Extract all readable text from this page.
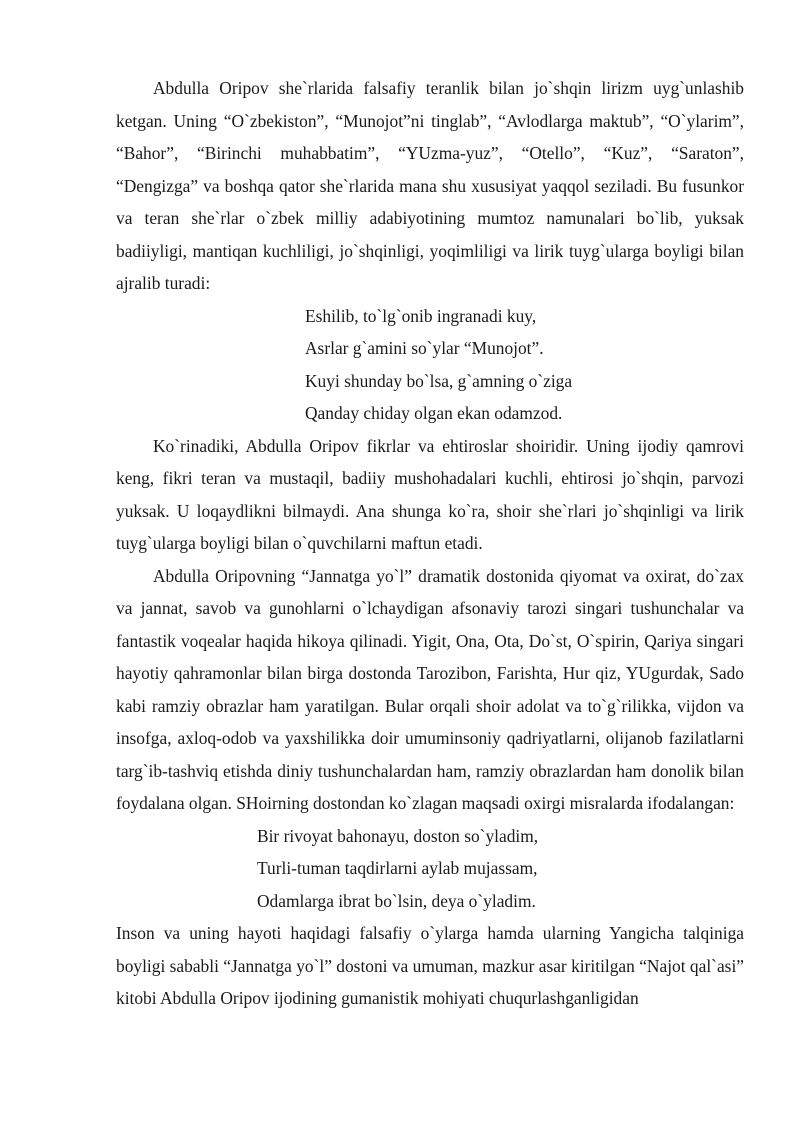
Abdulla Oripov she`rlarida falsafiy teranlik bilan jo`shqin lirizm uyg`unlashib ketgan. Uning “O`zbekiston”, “Munojot”ni tinglab”, “Avlodlarga maktub”, “O`ylarim”, “Bahor”, “Birinchi muhabbatim”, “YUzma-yuz”, “Otello”, “Kuz”, “Saraton”, “Dengizga” va boshqa qator she`rlarida mana shu xususiyat yaqqol seziladi. Bu fusunkor va teran she`rlar o`zbek milliy adabiyotining mumtoz namunalari bo`lib, yuksak badiiyligi, mantiqan kuchliligi, jo`shqinligi, yoqimliligi va lirik tuyg`ularga boyligi bilan ajralib turadi:

Eshilib, to`lg`onib ingranadi kuy,
Asrlar g`amini so`ylar “Munojot”.
Kuyi shunday bo`lsa, g`amning o`ziga
Qanday chiday olgan ekan odamzod.

Ko`rinadiki, Abdulla Oripov fikrlar va ehtiroslar shoiridir. Uning ijodiy qamrovi keng, fikri teran va mustaqil, badiiy mushohadalari kuchli, ehtirosi jo`shqin, parvozi yuksak. U loqaydlikni bilmaydi. Ana shunga ko`ra, shoir she`rlari jo`shqinligi va lirik tuyg`ularga boyligi bilan o`quvchilarni maftun etadi.

Abdulla Oripovning “Jannatga yo`l” dramatik dostonida qiyomat va oxirat, do`zax va jannat, savob va gunohlarni o`lchaydigan afsonaviy tarozi singari tushunchalar va fantastik voqealar haqida hikoya qilinadi. Yigit, Ona, Ota, Do`st, O`spirin, Qariya singari hayotiy qahramonlar bilan birga dostonda Tarozibon, Farishta, Hur qiz, YUgurdak, Sado kabi ramziy obrazlar ham yaratilgan. Bular orqali shoir adolat va to`g`rilikka, vijdon va insofga, axloq-odob va yaxshilikka doir umuminsoniy qadriyatlarni, olijanob fazilatlarni targ`ib-tashviq etishda diniy tushunchalardan ham, ramziy obrazlardan ham donolik bilan foydalana olgan. SHoirning dostondan ko`zlagan maqsadi oxirgi misralarda ifodalangan:

Bir rivoyat bahonayu, doston so`yladim,
Turli-tuman taqdirlarni aylab mujassam,
Odamlarga ibrat bo`lsin, deya o`yladim.

Inson va uning hayoti haqidagi falsafiy o`ylarga hamda ularning Yangicha talqiniga boyligi sababli “Jannatga yo`l” dostoni va umuman, mazkur asar kiritilgan “Najot qal`asi” kitobi Abdulla Oripov ijodining gumanistik mohiyati chuqurlashganligidan
